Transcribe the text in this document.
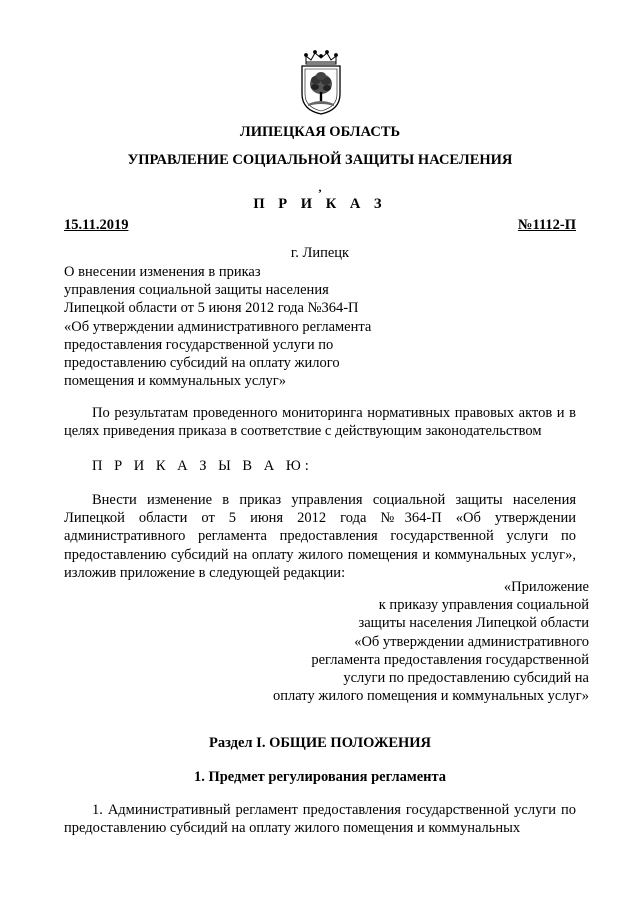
ЛИПЕЦКАЯ ОБЛАСТЬ
УПРАВЛЕНИЕ СОЦИАЛЬНОЙ ЗАЩИТЫ НАСЕЛЕНИЯ
,
П Р И К А З
15.11.2019	№1112-П
г. Липецк
О внесении изменения в приказ
управления социальной защиты населения
Липецкой области от 5 июня 2012 года №364-П
«Об утверждении административного регламента
предоставления государственной услуги по
предоставлению субсидий на оплату жилого
помещения и коммунальных услуг»
По результатам проведенного мониторинга нормативных правовых актов и в целях приведения приказа в соответствие с действующим законодательством
П Р И К А З Ы В А Ю:
Внести изменение в приказ управления социальной защиты населения Липецкой области от 5 июня 2012 года №364-П «Об утверждении административного регламента предоставления государственной услуги по предоставлению субсидий на оплату жилого помещения и коммунальных услуг», изложив приложение в следующей редакции:
«Приложение
к приказу управления социальной
защиты населения Липецкой области
«Об утверждении административного
регламента предоставления государственной
услуги по предоставлению субсидий на
оплату жилого помещения и коммунальных услуг»
Раздел I. ОБЩИЕ ПОЛОЖЕНИЯ
1. Предмет регулирования регламента
1. Административный регламент предоставления государственной услуги по предоставлению субсидий на оплату жилого помещения и коммунальных
